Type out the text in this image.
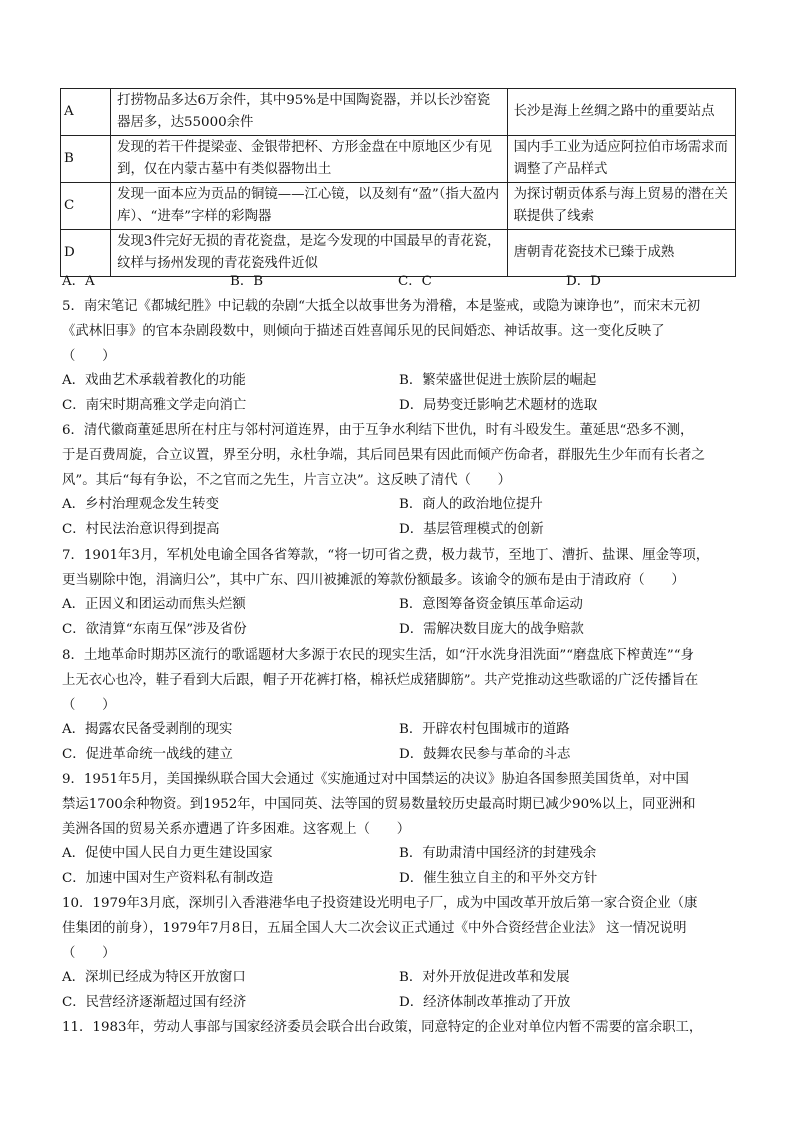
A	打捞物品多达6万余件，其中95%是中国陶瓷器，并以长沙窑瓷器居多，达55000余件	长沙是海上丝绸之路中的重要站点
B	发现的若干件提梁壶、金银带把杯、方形金盘在中原地区少有见到，仅在内蒙古墓中有类似器物出土	国内手工业为适应阿拉伯市场需求而调整了产品样式
C	发现一面本应为贡品的铜镜——江心镜，以及刻有“盈”（指大盈内库）、“进奉”字样的彩陶器	为探讨朝贡体系与海上贸易的潜在关联提供了线索
D	发现3件完好无损的青花瓷盘，是迄今发现的中国最早的青花瓷，纹样与扬州发现的青花瓷残件近似	唐朝青花瓷技术已臻于成熟
A．A	B．B	C．C	D．D

5．南宋笔记《都城纪胜》中记载的杂剧“大抵全以故事世务为滑稽，本是鉴戒，或隐为谏诤也”，而宋末元初

《武林旧事》的官本杂剧段数中，则倾向于描述百姓喜闻乐见的民间婚恋、神话故事。这一变化反映了

（　　）

A．戏曲艺术承载着教化的功能	B．繁荣盛世促进士族阶层的崛起
C．南宋时期高雅文学走向消亡	D．局势变迁影响艺术题材的选取

6．清代徽商董延思所在村庄与邻村河道连界，由于互争水利结下世仇，时有斗殴发生。董延思“恐多不测，

于是百费周旋，合立议置，界至分明，永杜争端，其后同邑果有因此而倾产伤命者，群服先生少年而有长者之

风”。其后“每有争讼，不之官而之先生，片言立决”。这反映了清代（　　）

A．乡村治理观念发生转变	B．商人的政治地位提升
C．村民法治意识得到提高	D．基层管理模式的创新

7．1901年3月，军机处电谕全国各省筹款，“将一切可省之费，极力裁节，至地丁、漕折、盐课、厘金等项，

更当剔除中饱，涓滴归公”，其中广东、四川被摊派的筹款份额最多。该谕令的颁布是由于清政府（　　）

A．正因义和团运动而焦头烂额	B．意图筹备资金镇压革命运动
C．欲清算“东南互保”涉及省份	D．需解决数目庞大的战争赔款

8．土地革命时期苏区流行的歌谣题材大多源于农民的现实生活，如“汗水洗身泪洗面”“磨盘底下榨黄连”“身

上无衣心也冷，鞋子看到大后跟，帽子开花裤打格，棉袄烂成猪脚筋”。共产党推动这些歌谣的广泛传播旨在

（　　）

A．揭露农民备受剥削的现实	B．开辟农村包围城市的道路
C．促进革命统一战线的建立	D．鼓舞农民参与革命的斗志

9．1951年5月，美国操纵联合国大会通过《实施通过对中国禁运的决议》胁迫各国参照美国货单，对中国

禁运1700余种物资。到1952年，中国同英、法等国的贸易数量较历史最高时期已减少90%以上，同亚洲和

美洲各国的贸易关系亦遭遇了许多困难。这客观上（　　）

A．促使中国人民自力更生建设国家	B．有助肃清中国经济的封建残余
C．加速中国对生产资料私有制改造	D．催生独立自主的和平外交方针

10．1979年3月底，深圳引入香港港华电子投资建设光明电子厂，成为中国改革开放后第一家合资企业（康

佳集团的前身），1979年7月8日，五届全国人大二次会议正式通过《中外合资经营企业法》 这一情况说明

（　　）

A．深圳已经成为特区开放窗口	B．对外开放促进改革和发展
C．民营经济逐渐超过国有经济	D．经济体制改革推动了开放

11．1983年，劳动人事部与国家经济委员会联合出台政策，同意特定的企业对单位内暂不需要的富余职工，
